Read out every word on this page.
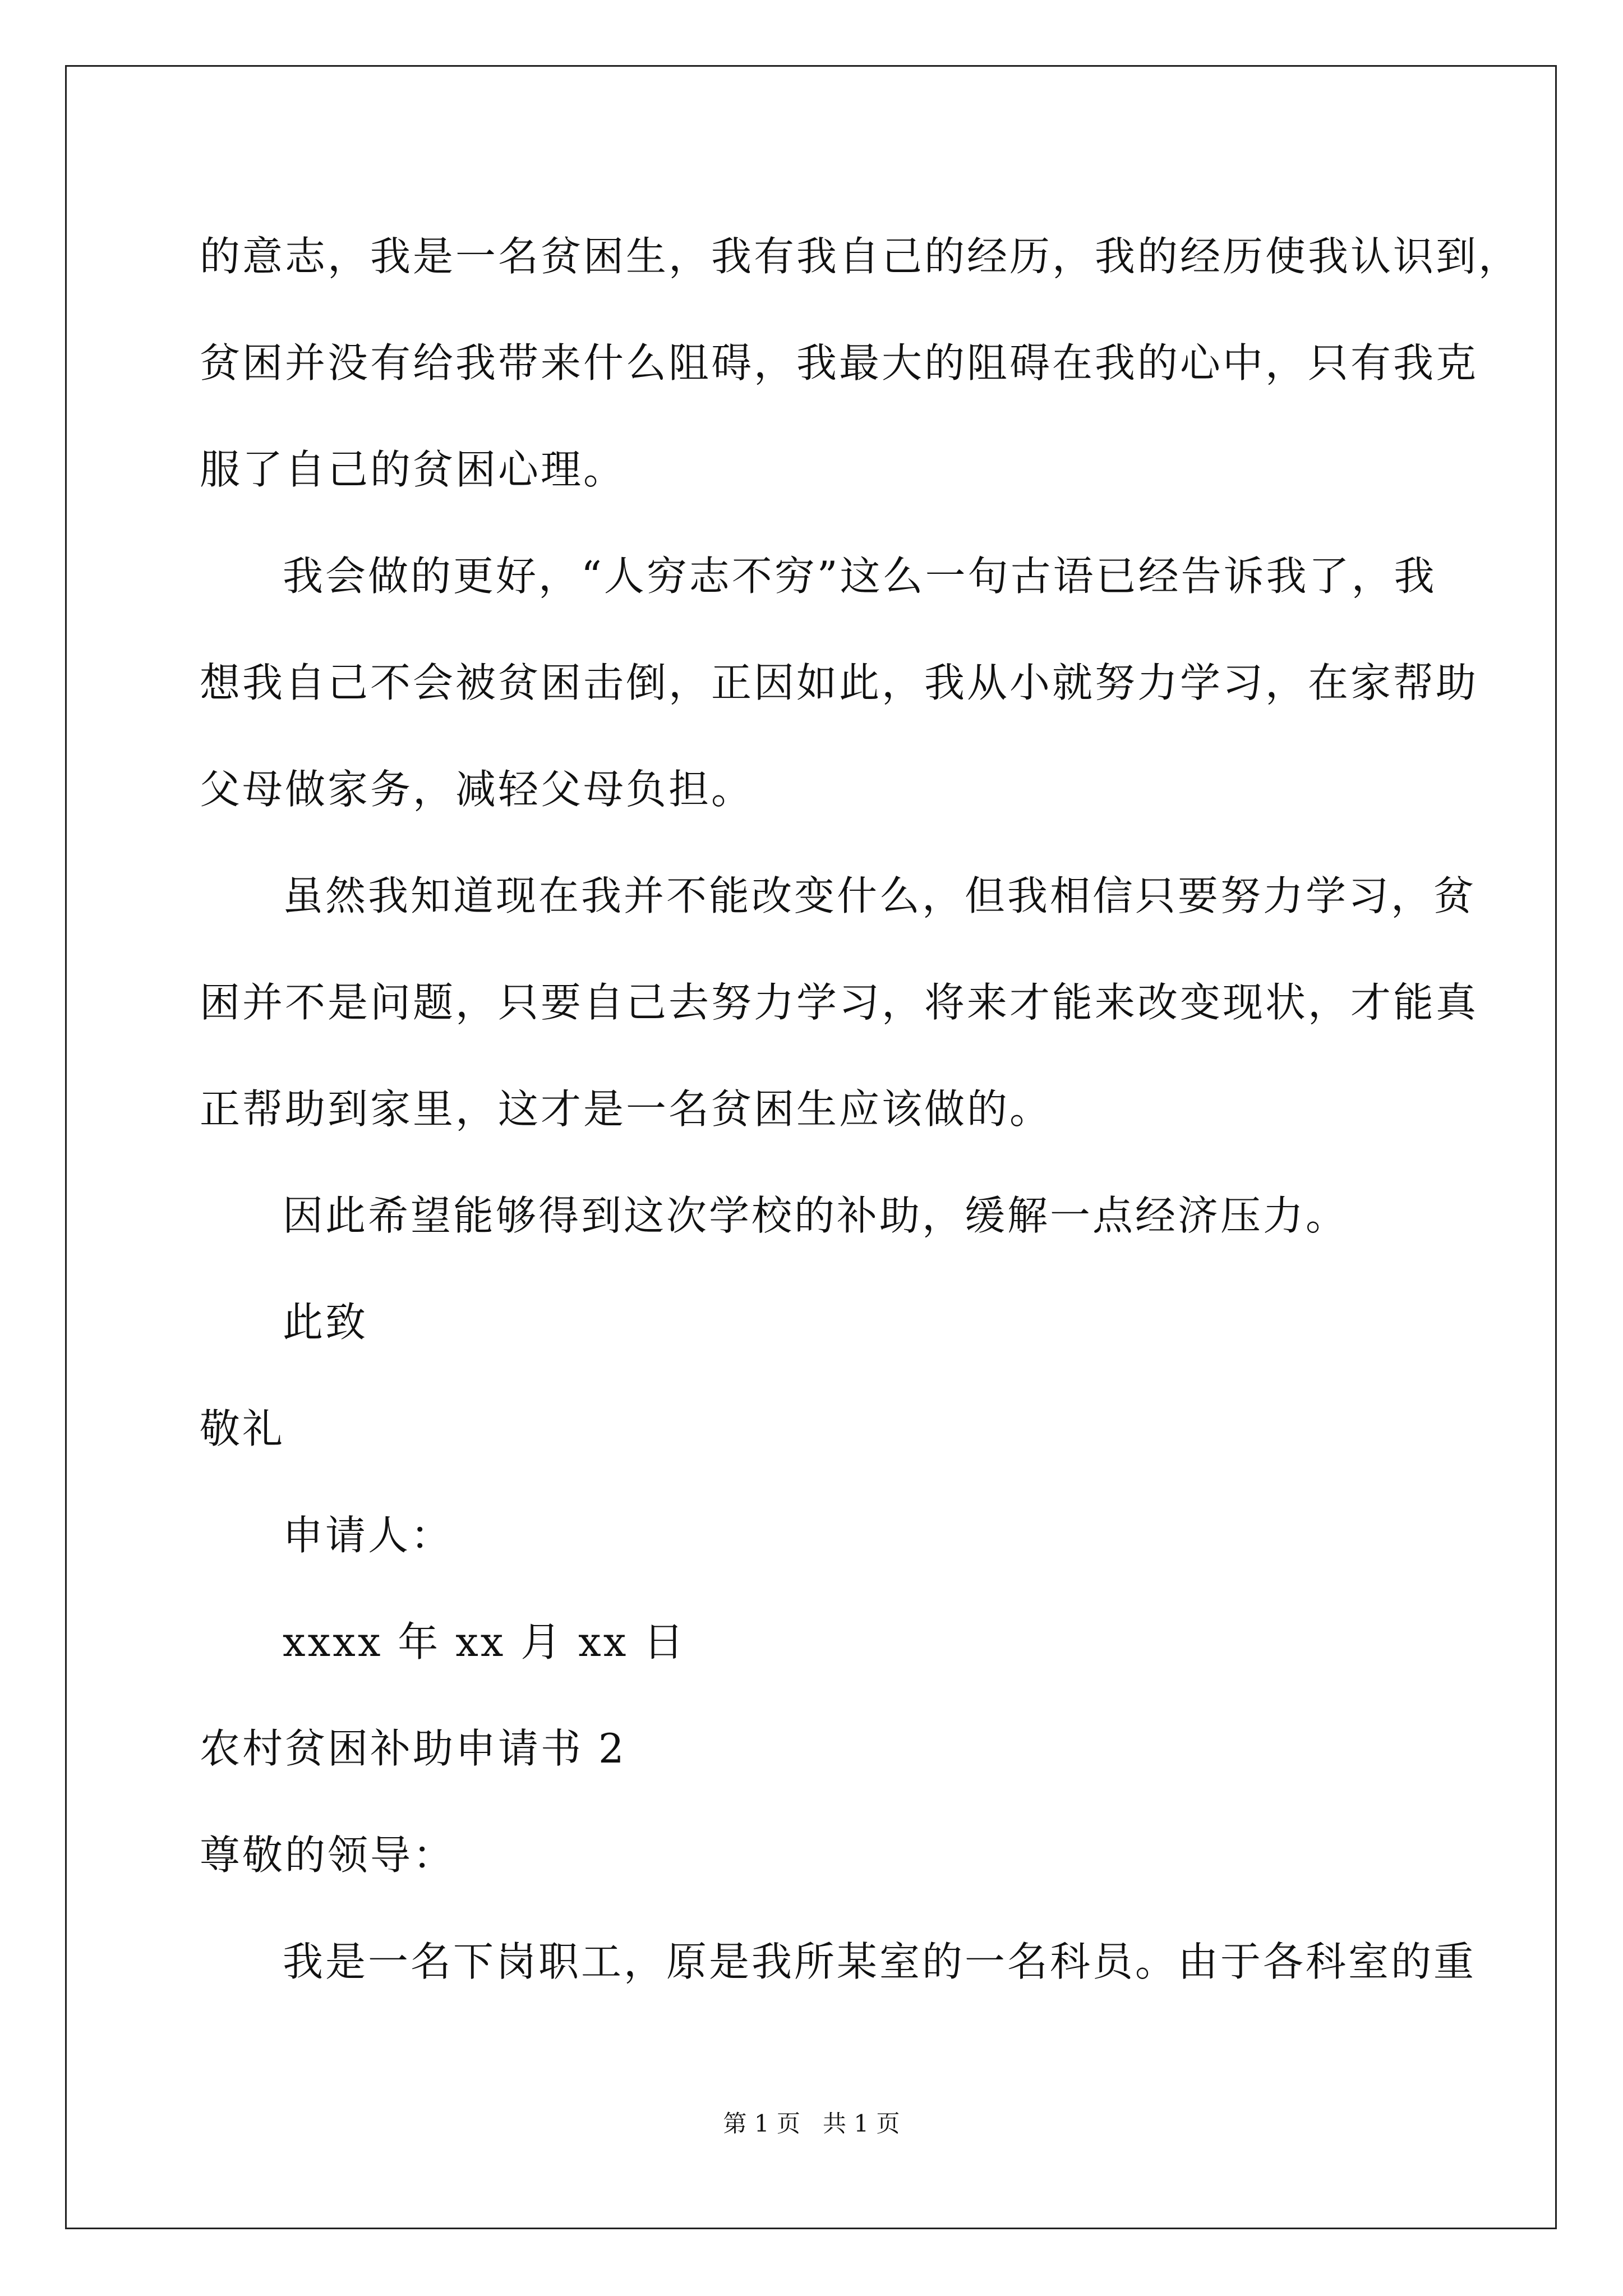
的意志，我是一名贫困生，我有我自己的经历，我的经历使我认识到，
贫困并没有给我带来什么阻碍，我最大的阻碍在我的心中，只有我克
服了自己的贫困心理。
我会做的更好，“人穷志不穷”这么一句古语已经告诉我了，我
想我自己不会被贫困击倒，正因如此，我从小就努力学习，在家帮助
父母做家务，减轻父母负担。
虽然我知道现在我并不能改变什么，但我相信只要努力学习，贫
困并不是问题，只要自己去努力学习，将来才能来改变现状，才能真
正帮助到家里，这才是一名贫困生应该做的。
因此希望能够得到这次学校的补助，缓解一点经济压力。
此致
敬礼
申请人：
xxxx 年 xx 月 xx 日
农村贫困补助申请书 2
尊敬的领导：
我是一名下岗职工，原是我所某室的一名科员。由于各科室的重
第 1 页   共 1 页
